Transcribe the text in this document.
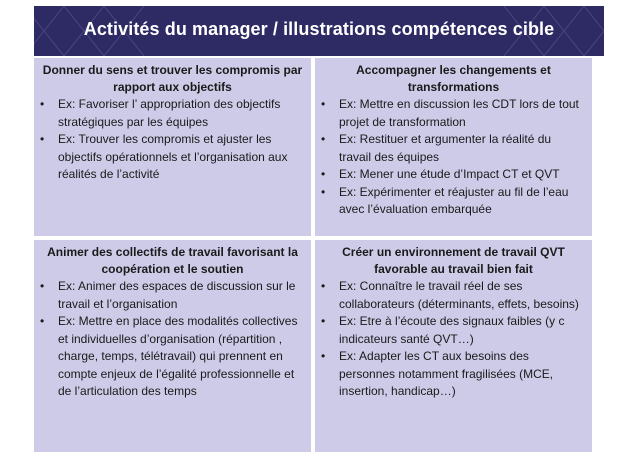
Activités du manager / illustrations compétences cible
Donner du sens et trouver les compromis par rapport aux objectifs
• Ex: Favoriser l’ appropriation des objectifs stratégiques par les équipes
• Ex: Trouver les compromis et ajuster les objectifs opérationnels et l’organisation aux réalités de l’activité
Accompagner les changements et transformations
• Ex: Mettre en discussion les CDT lors de tout projet de transformation
• Ex: Restituer et argumenter la réalité du travail des équipes
• Ex: Mener une étude d’Impact CT et QVT
• Ex: Expérimenter et réajuster au fil de l’eau avec l’évaluation embarquée
Animer des collectifs de travail favorisant la coopération et le soutien
• Ex: Animer des espaces de discussion sur le travail et l’organisation
• Ex: Mettre en place des modalités collectives et individuelles d’organisation (répartition , charge, temps, télétravail) qui prennent en compte enjeux de l’égalité professionnelle et de l’articulation des temps
Créer un environnement de travail QVT favorable au travail bien fait
• Ex: Connaître le travail réel de ses collaborateurs (déterminants, effets, besoins)
• Ex: Etre à l’écoute des signaux faibles (y c indicateurs santé QVT…)
• Ex: Adapter les CT aux besoins des personnes notamment fragilisées (MCE, insertion, handicap…)
